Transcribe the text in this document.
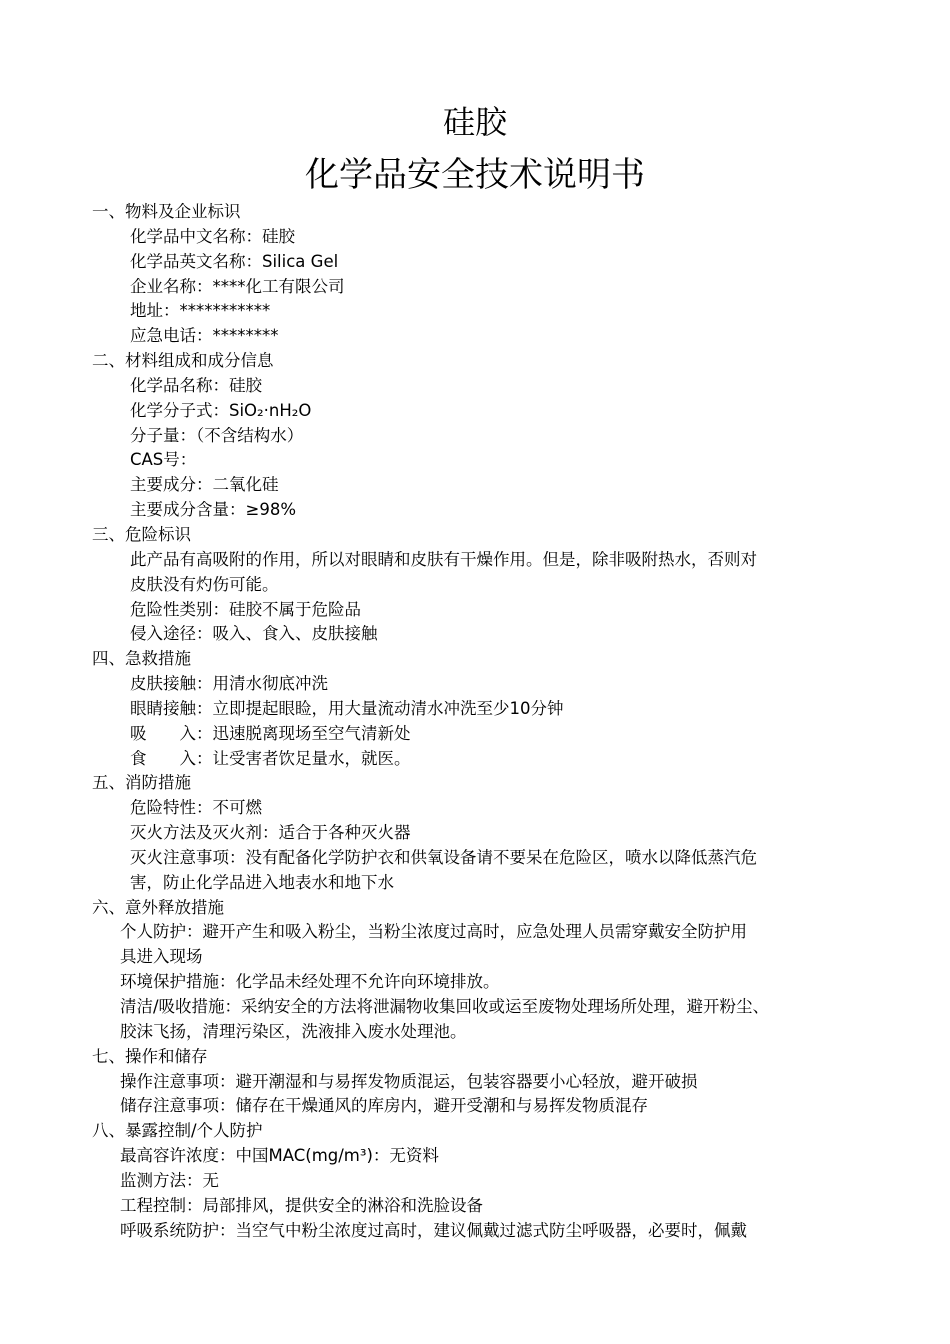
硅胶
化学品安全技术说明书
一、物料及企业标识
化学品中文名称：硅胶
化学品英文名称：Silica Gel
企业名称：****化工有限公司
地址：***********
应急电话：********
二、材料组成和成分信息
化学品名称：硅胶
化学分子式：SiO₂·nH₂O
分子量：（不含结构水）
CAS号：
主要成分：二氧化硅
主要成分含量：≥98%
三、危险标识
此产品有高吸附的作用，所以对眼睛和皮肤有干燥作用。但是，除非吸附热水，否则对
皮肤没有灼伤可能。
危险性类别：硅胶不属于危险品
侵入途径：吸入、食入、皮肤接触
四、急救措施
皮肤接触：用清水彻底冲洗
眼睛接触：立即提起眼睑，用大量流动清水冲洗至少10分钟
吸　　入：迅速脱离现场至空气清新处
食　　入：让受害者饮足量水，就医。
五、消防措施
危险特性：不可燃
灭火方法及灭火剂：适合于各种灭火器
灭火注意事项：没有配备化学防护衣和供氧设备请不要呆在危险区，喷水以降低蒸汽危
害，防止化学品进入地表水和地下水
六、意外释放措施
个人防护：避开产生和吸入粉尘，当粉尘浓度过高时，应急处理人员需穿戴安全防护用
具进入现场
环境保护措施：化学品未经处理不允许向环境排放。
清洁/吸收措施：采纳安全的方法将泄漏物收集回收或运至废物处理场所处理，避开粉尘、
胶沫飞扬，清理污染区，洗液排入废水处理池。
七、操作和储存
操作注意事项：避开潮湿和与易挥发物质混运，包装容器要小心轻放，避开破损
储存注意事项：储存在干燥通风的库房内，避开受潮和与易挥发物质混存
八、暴露控制/个人防护
最高容许浓度：中国MAC(mg/m³)：无资料
监测方法：无
工程控制：局部排风，提供安全的淋浴和洗脸设备
呼吸系统防护：当空气中粉尘浓度过高时，建议佩戴过滤式防尘呼吸器，必要时，佩戴
